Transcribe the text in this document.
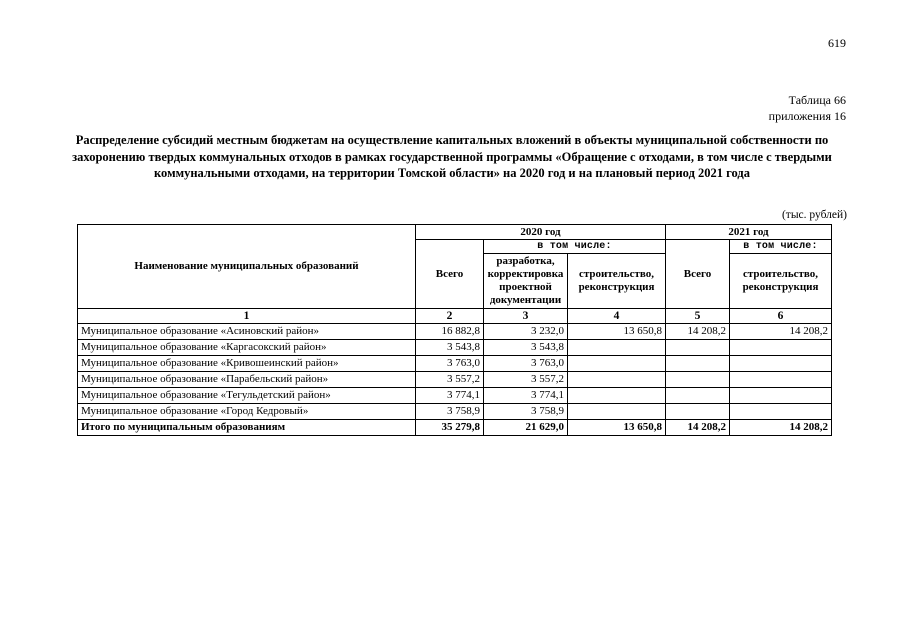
619
Таблица 66
приложения 16
Распределение субсидий местным бюджетам на осуществление капитальных вложений в объекты муниципальной собственности по захоронению твердых коммунальных отходов в рамках государственной программы «Обращение с отходами, в том числе с твердыми коммунальными отходами, на территории Томской области» на 2020 год и на плановый период 2021 года
(тыс. рублей)
Наименование муниципальных образований	2020 год			2021 год	
	Всего	в том числе:		Всего	в том числе:
		разработка, корректировка проектной документации	строительство, реконструкция		строительство, реконструкция
1	2	3	4	5	6
Муниципальное образование «Асиновский район»	16 882,8	3 232,0	13 650,8	14 208,2	14 208,2
Муниципальное образование «Каргасокский район»	3 543,8	3 543,8			
Муниципальное образование «Кривошеинский район»	3 763,0	3 763,0			
Муниципальное образование «Парабельский район»	3 557,2	3 557,2			
Муниципальное образование «Тегульдетский район»	3 774,1	3 774,1			
Муниципальное образование «Город Кедровый»	3 758,9	3 758,9			
Итого по муниципальным образованиям	35 279,8	21 629,0	13 650,8	14 208,2	14 208,2
